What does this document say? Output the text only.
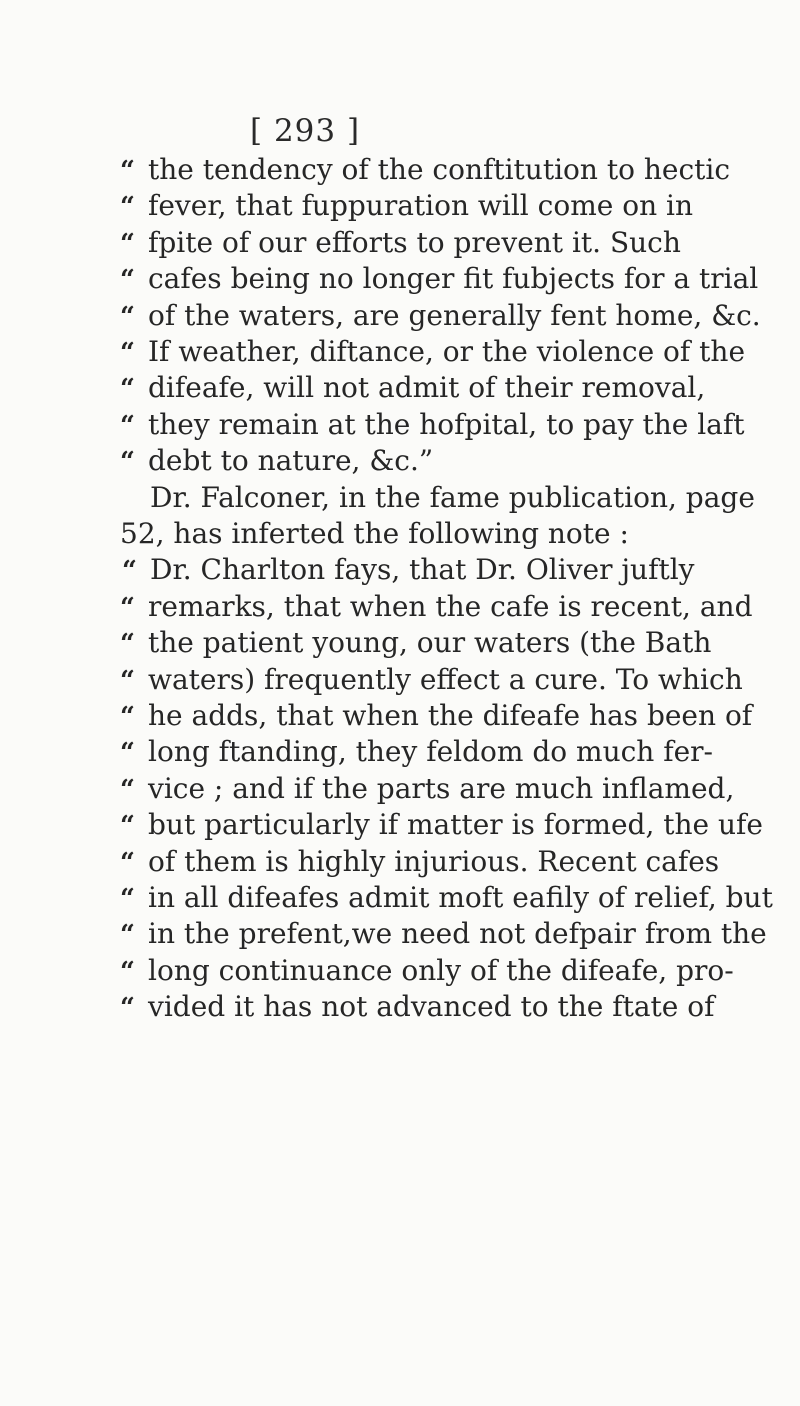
[ 293 ]
“ the tendency of the conftitution to hectic
“ fever, that fuppuration will come on in
“ fpite of our efforts to prevent it. Such
“ cafes being no longer fit fubjects for a trial
“ of the waters, are generally fent home, &c.
“ If weather, diftance, or the violence of the
“ difeafe, will not admit of their removal,
“ they remain at the hofpital, to pay the laft
“ debt to nature, &c.”
Dr. Falconer, in the fame publication, page
52, has inferted the following note :
“ Dr. Charlton fays, that Dr. Oliver juftly
“ remarks, that when the cafe is recent, and
“ the patient young, our waters (the Bath
“ waters) frequently effect a cure. To which
“ he adds, that when the difeafe has been of
“ long ftanding, they feldom do much fer-
“ vice ; and if the parts are much inflamed,
“ but particularly if matter is formed, the ufe
“ of them is highly injurious. Recent cafes
“ in all difeafes admit moft eafily of relief, but
“ in the prefent,we need not defpair from the
“ long continuance only of the difeafe, pro-
“ vided it has not advanced to the ftate of
